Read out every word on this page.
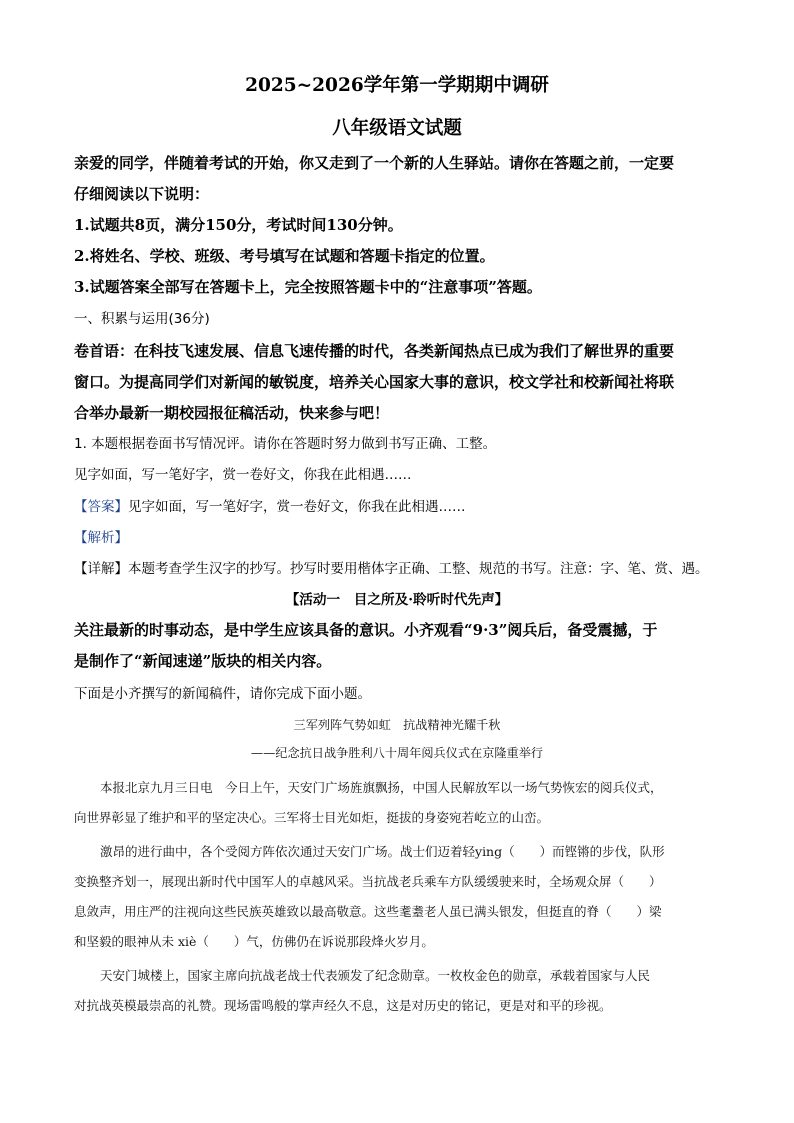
2025~2026学年第一学期期中调研
八年级语文试题
亲爱的同学，伴随着考试的开始，你又走到了一个新的人生驿站。请你在答题之前，一定要
仔细阅读以下说明：
1.试题共8页，满分150分，考试时间130分钟。
2.将姓名、学校、班级、考号填写在试题和答题卡指定的位置。
3.试题答案全部写在答题卡上，完全按照答题卡中的“注意事项”答题。
一、积累与运用(36分)
卷首语：在科技飞速发展、信息飞速传播的时代，各类新闻热点已成为我们了解世界的重要
窗口。为提高同学们对新闻的敏锐度，培养关心国家大事的意识，校文学社和校新闻社将联
合举办最新一期校园报征稿活动，快来参与吧！
1. 本题根据卷面书写情况评。请你在答题时努力做到书写正确、工整。
见字如面，写一笔好字，赏一卷好文，你我在此相遇……
【答案】见字如面，写一笔好字，赏一卷好文，你我在此相遇……
【解析】
【详解】本题考查学生汉字的抄写。抄写时要用楷体字正确、工整、规范的书写。注意：字、笔、赏、遇。
【活动一　目之所及·聆听时代先声】
关注最新的时事动态，是中学生应该具备的意识。小齐观看“9·3”阅兵后，备受震撼，于
是制作了“新闻速递”版块的相关内容。
下面是小齐撰写的新闻稿件，请你完成下面小题。
三军列阵气势如虹　抗战精神光耀千秋
——纪念抗日战争胜利八十周年阅兵仪式在京隆重举行
本报北京九月三日电　今日上午，天安门广场旌旗飘扬，中国人民解放军以一场气势恢宏的阅兵仪式，
向世界彰显了维护和平的坚定决心。三军将士目光如炬，挺拔的身姿宛若屹立的山峦。
激昂的进行曲中，各个受阅方阵依次通过天安门广场。战士们迈着轻ying（　　）而铿锵的步伐，队形
变换整齐划一，展现出新时代中国军人的卓越风采。当抗战老兵乘车方队缓缓驶来时，全场观众屏（　　）
息敛声，用庄严的注视向这些民族英雄致以最高敬意。这些耄耋老人虽已满头银发，但挺直的脊（　　）梁
和坚毅的眼神从未 xiè（　　）气，仿佛仍在诉说那段烽火岁月。
天安门城楼上，国家主席向抗战老战士代表颁发了纪念勋章。一枚枚金色的勋章，承载着国家与人民
对抗战英模最崇高的礼赞。现场雷鸣般的掌声经久不息，这是对历史的铭记，更是对和平的珍视。
